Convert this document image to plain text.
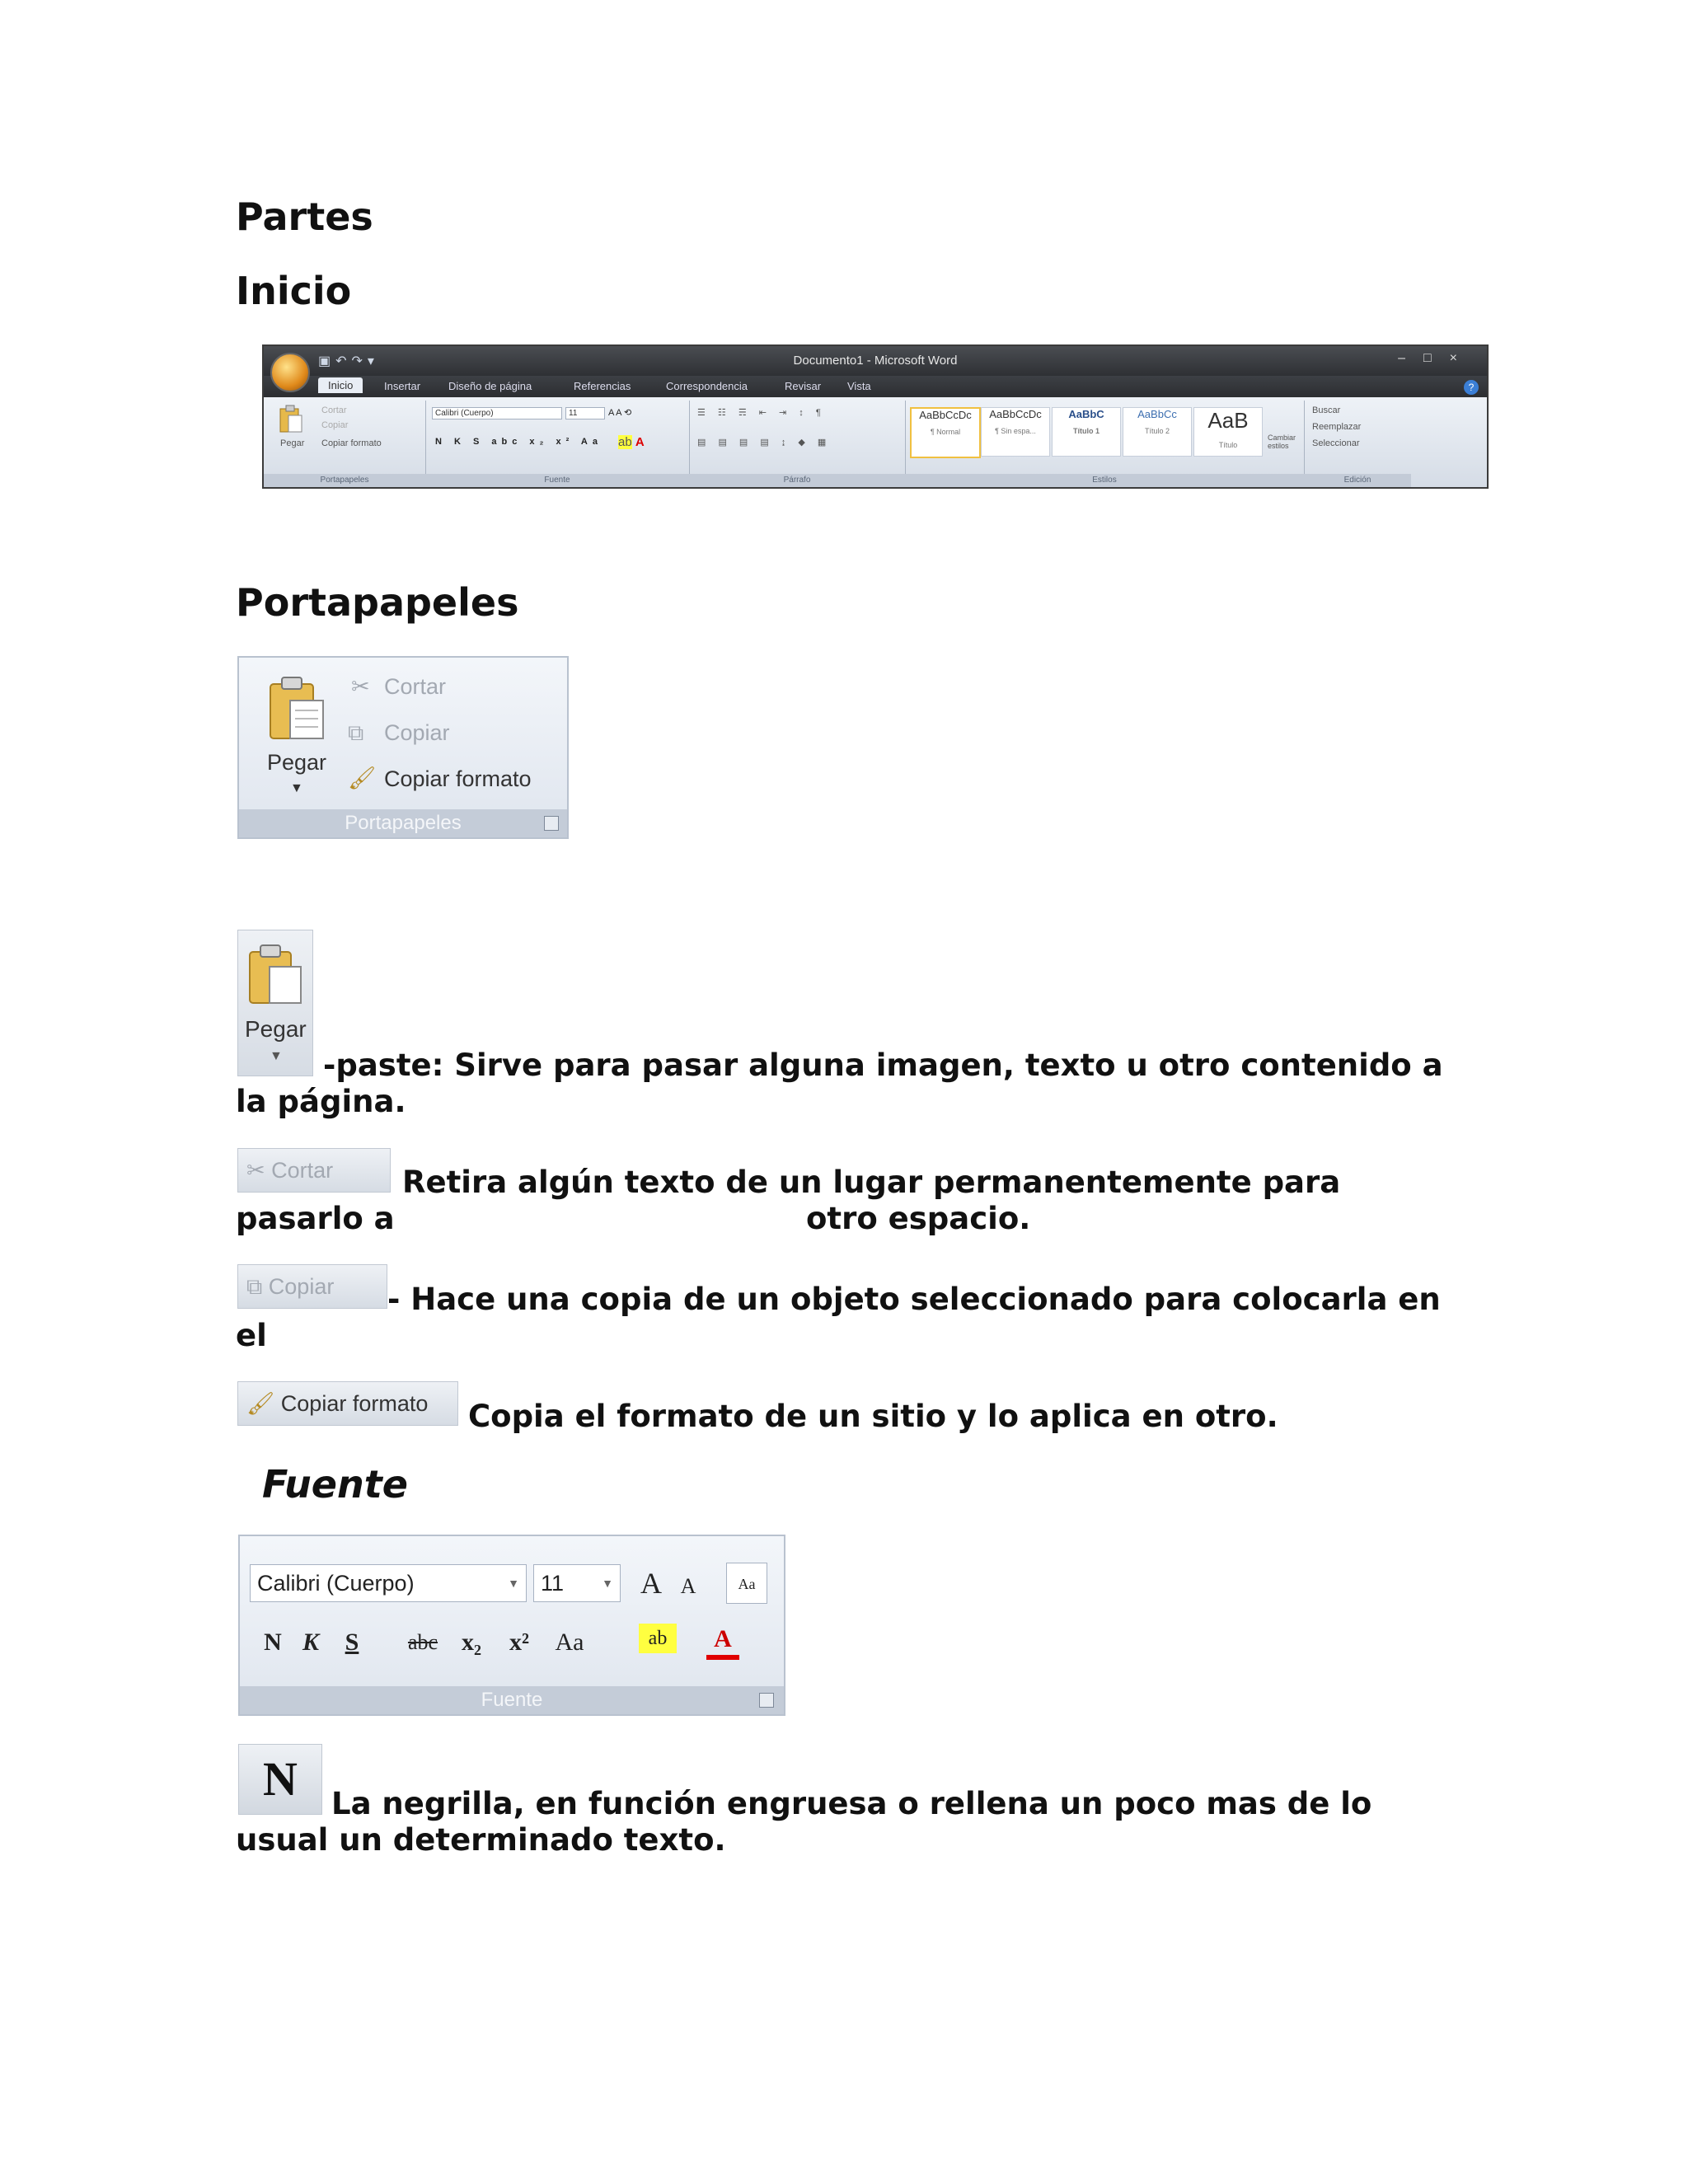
Partes
Inicio
▣↶↷▾	Documento1 - Microsoft Word	–□×
Inicio	Insertar	Diseño de página	Referencias	Correspondencia	Revisar Vista	?
Pegar
Cortar
Copiar
Copiar formato
Portapapeles
Calibri (Cuerpo)	11	A A ⟲
N K S abc x₂ x² Aa ab A
Fuente
☰ ☷ ☴ ⇤ ⇥ ↕ ¶
▤ ▤ ▤ ▤ ↨ ◆ ▦
Párrafo
AaBbCcDc
¶ Normal
AaBbCcDc
¶ Sin espa...
AaBbC
Título 1
AaBbCc
Título 2	AaB
Título
Cambiar estilos
Estilos
Buscar
Reemplazar
Seleccionar
Edición
Portapapeles
Pegar
▼
✂ Cortar
⧉ Copiar
🖌 Copiar formato
Portapapeles
Pegar
▼ -paste: Sirve para pasar alguna imagen, texto u otro contenido a
la página.
✂ Cortar	Retira algún texto de un lugar permanentemente para
pasarlo a	otro espacio.
⧉ Copiar	- Hace una copia de un objeto seleccionado para colocarla en
el
🖌 Copiar formato	Copia el formato de un sitio y lo aplica en otro.
Fuente
Calibri (Cuerpo)	▼ 11	▼ A A	Aa
N K	S	abc x₂	x²	Aa	ab	A
Fuente
N	La negrilla, en función engruesa o rellena un poco mas de lo
usual un determinado texto.
